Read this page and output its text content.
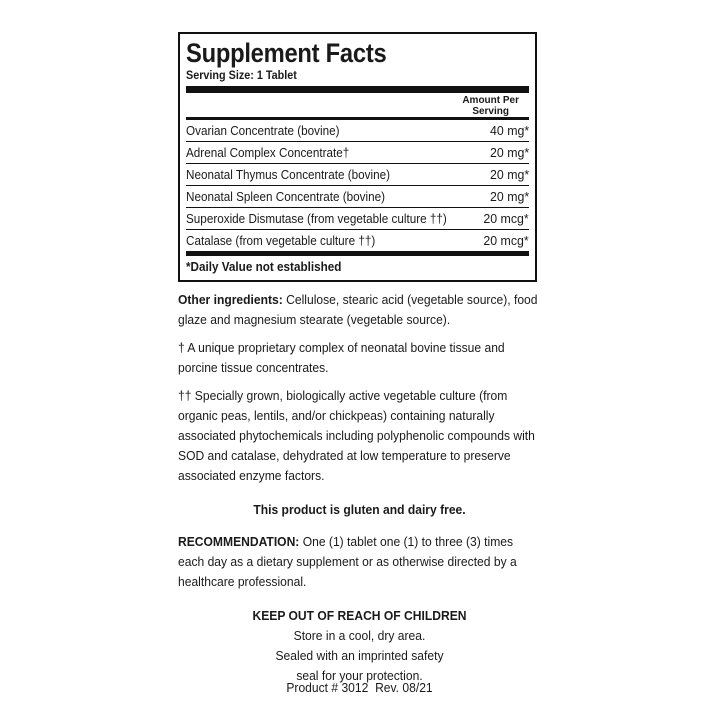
Supplement Facts
Serving Size: 1 Tablet
Amount Per
Serving
Ovarian Concentrate (bovine)	40 mg*
Adrenal Complex Concentrate†	20 mg*
Neonatal Thymus Concentrate (bovine)	20 mg*
Neonatal Spleen Concentrate (bovine)	20 mg*
Superoxide Dismutase (from vegetable culture ††)	20 mcg*
Catalase (from vegetable culture ††)	20 mcg*
*Daily Value not established
Other ingredients: Cellulose, stearic acid (vegetable source), food glaze and magnesium stearate (vegetable source).
† A unique proprietary complex of neonatal bovine tissue and porcine tissue concentrates.
†† Specially grown, biologically active vegetable culture (from organic peas, lentils, and/or chickpeas) containing naturally associated phytochemicals including polyphenolic compounds with SOD and catalase, dehydrated at low temperature to preserve associated enzyme factors.
This product is gluten and dairy free.
RECOMMENDATION: One (1) tablet one (1) to three (3) times each day as a dietary supplement or as otherwise directed by a healthcare professional.
KEEP OUT OF REACH OF CHILDREN
Store in a cool, dry area.
Sealed with an imprinted safety
seal for your protection.
Product # 3012  Rev. 08/21
